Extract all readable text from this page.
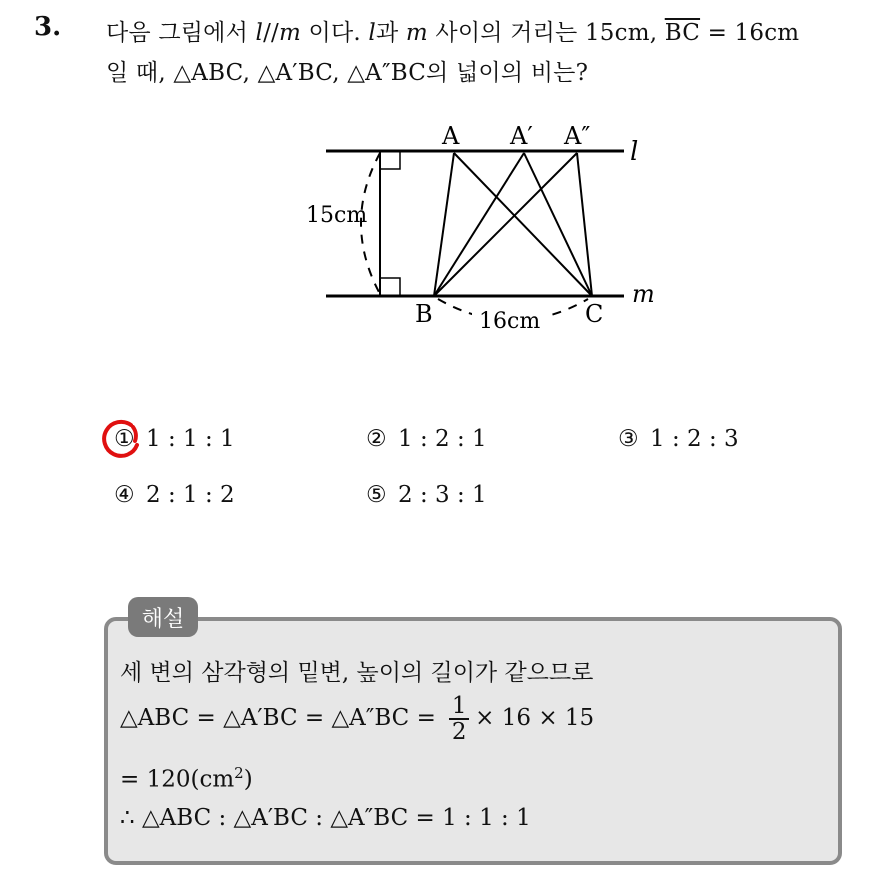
3. 다음 그림에서 l//m 이다. l과 m 사이의 거리는 15cm, $\overline{BC} = 16cm$
일 때, △ABC, △A′BC, △A″BC의 넓이의 비는?
A A′ A″
l
m
B	C
15cm
16cm
① 1 : 1 : 1	② 1 : 2 : 1	③ 1 : 2 : 3
④ 2 : 1 : 2	⑤ 2 : 3 : 1
해설
세 변의 삼각형의 밑변, 높이의 길이가 같으므로
△ABC = △A′BC = △A″BC = $\frac{1}{2} \times 16 \times 15$
= $120(cm^2)$
∴ △ABC : △A′BC : △A″BC = 1 : 1 : 1
